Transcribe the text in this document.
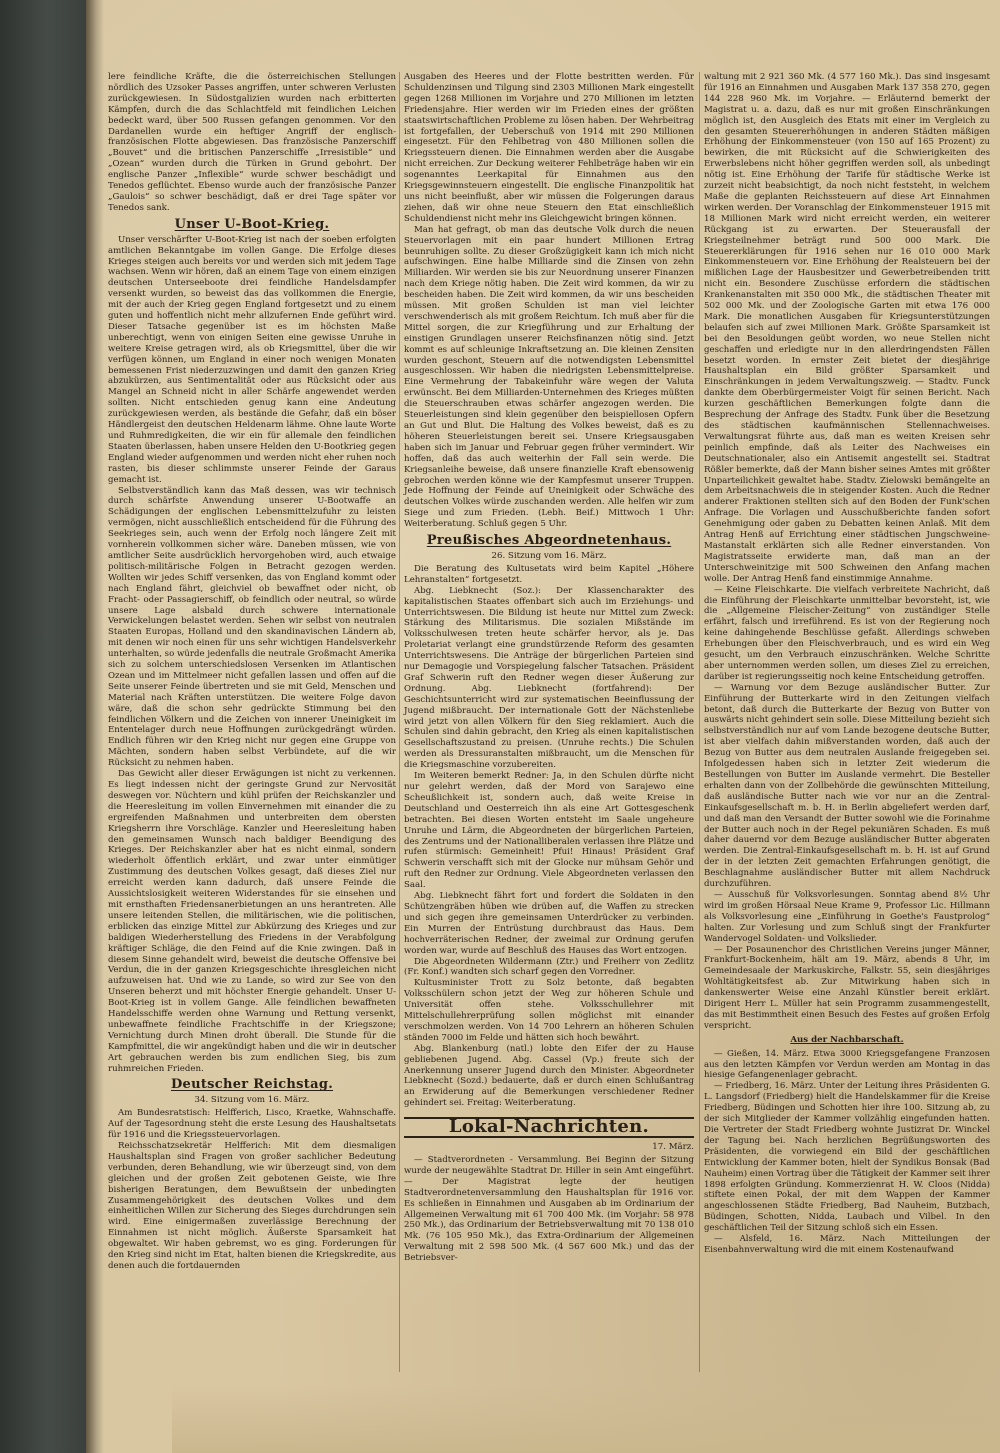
lere feindliche Kräfte, die die österreichischen Stellungen nördlich des Uzsoker Passes angriffen, unter schweren Verlusten zurückgewiesen. In Südostgalizien wurden nach erbitterten Kämpfen, durch die das Schlachtfeld mit feindlichen Leichen bedeckt ward, über 500 Russen gefangen genommen. Vor den Dardanellen wurde ein heftiger Angriff der englisch-französischen Flotte abgewiesen. Das französische Panzerschiff „Bouvet“ und die britischen Panzerschiffe „Irresistible“ und „Ozean“ wurden durch die Türken in Grund gebohrt. Der englische Panzer „Inflexible“ wurde schwer beschädigt und Tenedos geflüchtet. Ebenso wurde auch der französische Panzer „Gaulois“ so schwer beschädigt, daß er drei Tage später vor Tenedos sank.

Unser U-Boot-Krieg.

Unser verschärfter U-Boot-Krieg ist nach der soeben erfolgten amtlichen Bekanntgabe im vollen Gange. Die Erfolge dieses Krieges steigen auch bereits vor und werden sich mit jedem Tage wachsen. Wenn wir hören, daß an einem Tage von einem einzigen deutschen Unterseeboote drei feindliche Handelsdampfer versenkt wurden, so beweist das das vollkommen die Energie, mit der auch der Krieg gegen England fortgesetzt und zu einem guten und hoffentlich nicht mehr allzufernen Ende geführt wird. Dieser Tatsache gegenüber ist es im höchsten Maße unberechtigt, wenn von einigen Seiten eine gewisse Unruhe in weitere Kreise getragen wird, als ob Kriegsmittel, über die wir verfügen können, um England in einer noch wenigen Monaten bemessenen Frist niederzuzwingen und damit den ganzen Krieg abzukürzen, aus Sentimentalität oder aus Rücksicht oder aus Mangel an Schneid nicht in aller Schärfe angewendet werden sollten. Nicht entschieden genug kann eine Andeutung zurückgewiesen werden, als bestände die Gefahr, daß ein böser Händlergeist den deutschen Heldenarm lähme. Ohne laute Worte und Ruhmredigkeiten, die wir ein für allemale den feindlichen Staaten überlassen, haben unsere Helden den U-Bootkrieg gegen England wieder aufgenommen und werden nicht eher ruhen noch rasten, bis dieser schlimmste unserer Feinde der Garaus gemacht ist.

Selbstverständlich kann das Maß dessen, was wir technisch durch schärfste Anwendung unserer U-Bootwaffe an Schädigungen der englischen Lebensmittelzufuhr zu leisten vermögen, nicht ausschließlich entscheidend für die Führung des Seekrieges sein, auch wenn der Erfolg noch längere Zeit mit vornherein vollkommen sicher wäre. Daneben müssen, wie von amtlicher Seite ausdrücklich hervorgehoben wird, auch etwaige politisch-militärische Folgen in Betracht gezogen werden. Wollten wir jedes Schiff versenken, das von England kommt oder nach England fährt, gleichviel ob bewaffnet oder nicht, ob Fracht- oder Passagierschiff, ob feindlich oder neutral, so würde unsere Lage alsbald durch schwere internationale Verwickelungen belastet werden. Sehen wir selbst von neutralen Staaten Europas, Holland und den skandinavischen Ländern ab, mit denen wir noch einen für uns sehr wichtigen Handelsverkehr unterhalten, so würde jedenfalls die neutrale Großmacht Amerika sich zu solchem unterschiedslosen Versenken im Atlantischen Ozean und im Mittelmeer nicht gefallen lassen und offen auf die Seite unserer Feinde übertreten und sie mit Geld, Menschen und Material nach Kräften unterstützen. Die weitere Folge davon wäre, daß die schon sehr gedrückte Stimmung bei den feindlichen Völkern und die Zeichen von innerer Uneinigkeit im Ententelager durch neue Hoffnungen zurückgedrängt würden. Endlich führen wir den Krieg nicht nur gegen eine Gruppe von Mächten, sondern haben selbst Verbündete, auf die wir Rücksicht zu nehmen haben.

Das Gewicht aller dieser Erwägungen ist nicht zu verkennen. Es liegt indessen nicht der geringste Grund zur Nervosität deswegen vor. Nüchtern und kühl prüfen der Reichskanzler und die Heeresleitung im vollen Einvernehmen mit einander die zu ergreifenden Maßnahmen und unterbreiten dem obersten Kriegsherrn ihre Vorschläge. Kanzler und Heeresleitung haben den gemeinsamen Wunsch nach baldiger Beendigung des Krieges. Der Reichskanzler aber hat es nicht einmal, sondern wiederholt öffentlich erklärt, und zwar unter einmütiger Zustimmung des deutschen Volkes gesagt, daß dieses Ziel nur erreicht werden kann dadurch, daß unsere Feinde die Aussichtslosigkeit weiteren Widerstandes für sie einsehen und mit ernsthaften Friedensanerbietungen an uns herantreten. Alle unsere leitenden Stellen, die militärischen, wie die politischen, erblicken das einzige Mittel zur Abkürzung des Krieges und zur baldigen Wiederherstellung des Friedens in der Verabfolgung kräftiger Schläge, die den Feind auf die Knie zwingen. Daß in diesem Sinne gehandelt wird, beweist die deutsche Offensive bei Verdun, die in der ganzen Kriegsgeschichte ihresgleichen nicht aufzuweisen hat. Und wie zu Lande, so wird zur See von den Unseren beherzt und mit höchster Energie gehandelt. Unser U-Boot-Krieg ist in vollem Gange. Alle feindlichen bewaffneten Handelsschiffe werden ohne Warnung und Rettung versenkt, unbewaffnete feindliche Frachtschiffe in der Kriegszone; Vernichtung durch Minen droht überall. Die Stunde für die Kampfmittel, die wir angekündigt haben und die wir in deutscher Art gebrauchen werden bis zum endlichen Sieg, bis zum ruhmreichen Frieden.

Deutscher Reichstag.
34. Sitzung vom 16. März.

Am Bundesratstisch: Helfferich, Lisco, Kraetke, Wahnschaffe. Auf der Tagesordnung steht die erste Lesung des Haushaltsetats für 1916 und die Kriegssteuervorlagen.

Reichsschatzsekretär Helfferich: Mit dem diesmaligen Haushaltsplan sind Fragen von großer sachlicher Bedeutung verbunden, deren Behandlung, wie wir überzeugt sind, von dem gleichen und der großen Zeit gebotenen Geiste, wie Ihre bisherigen Beratungen, dem Bewußtsein der unbedingten Zusammengehörigkeit des deutschen Volkes und dem einheitlichen Willen zur Sicherung des Sieges durchdrungen sein wird. Eine einigermaßen zuverlässige Berechnung der Einnahmen ist nicht möglich. Äußerste Sparsamkeit hat obgewaltet. Wir haben gebremst, wo es ging. Forderungen für den Krieg sind nicht im Etat, halten bienen die Kriegskredite, aus denen auch die fortdauernden

Ausgaben des Heeres und der Flotte bestritten werden. Für Schuldenzinsen und Tilgung sind 2303 Millionen Mark eingestellt gegen 1268 Millionen im Vorjahre und 270 Millionen im letzten Friedensjahre. Hier werden wir im Frieden eines der größten staatswirtschaftlichen Probleme zu lösen haben. Der Wehrbeitrag ist fortgefallen, der Ueberschuß von 1914 mit 290 Millionen eingesetzt. Für den Fehlbetrag von 480 Millionen sollen die Kriegssteuern dienen. Die Einnahmen werden aber die Ausgabe nicht erreichen. Zur Deckung weiterer Fehlbeträge haben wir ein sogenanntes Leerkapital für Einnahmen aus den Kriegsgewinnsteuern eingestellt. Die englische Finanzpolitik hat uns nicht beeinflußt, aber wir müssen die Folgerungen daraus ziehen, daß wir ohne neue Steuern den Etat einschließlich Schuldendienst nicht mehr ins Gleichgewicht bringen können.

Man hat gefragt, ob man das deutsche Volk durch die neuen Steuervorlagen mit ein paar hundert Millionen Ertrag beunruhigen sollte. Zu dieser Großzügigkeit kann ich mich nicht aufschwingen. Eine halbe Milliarde sind die Zinsen von zehn Milliarden. Wir werden sie bis zur Neuordnung unserer Finanzen nach dem Kriege nötig haben. Die Zeit wird kommen, da wir zu bescheiden haben. Die Zeit wird kommen, da wir uns bescheiden müssen. Mit großen Schulden ist man viel leichter verschwenderisch als mit großem Reichtum. Ich muß aber für die Mittel sorgen, die zur Kriegführung und zur Erhaltung der einstigen Grundlagen unserer Reichsfinanzen nötig sind. Jetzt kommt es auf schleunige Inkraftsetzung an. Die kleinen Zensiten wurden geschont, Steuern auf die notwendigsten Lebensmittel ausgeschlossen. Wir haben die niedrigsten Lebensmittelpreise. Eine Vermehrung der Tabakeinfuhr wäre wegen der Valuta erwünscht. Bei dem Milliarden-Unternehmen des Krieges müßten die Steuerschrauben etwas schärfer angezogen werden. Die Steuerleistungen sind klein gegenüber den beispiellosen Opfern an Gut und Blut. Die Haltung des Volkes beweist, daß es zu höheren Steuerleistungen bereit sei. Unsere Kriegsausgaben haben sich im Januar und Februar gegen früher vermindert. Wir hoffen, daß das auch weiterhin der Fall sein werde. Die Kriegsanleihe beweise, daß unsere finanzielle Kraft ebensowenig gebrochen werden könne wie der Kampfesmut unserer Truppen. Jede Hoffnung der Feinde auf Uneinigkeit oder Schwäche des deutschen Volkes würde zuschanden werden. Alle helfen wir zum Siege und zum Frieden. (Lebh. Beif.) Mittwoch 1 Uhr: Weiterberatung. Schluß gegen 5 Uhr.

Preußisches Abgeordnetenhaus.
26. Sitzung vom 16. März.

Die Beratung des Kultusetats wird beim Kapitel „Höhere Lehranstalten“ fortgesetzt.

Abg. Liebknecht (Soz.): Der Klassencharakter des kapitalistischen Staates offenbart sich auch im Erziehungs- und Unterrichtswesen. Die Bildung ist heute nur Mittel zum Zweck: Stärkung des Militarismus. Die sozialen Mißstände im Volksschulwesen treten heute schärfer hervor, als je. Das Proletariat verlangt eine grundstürzende Reform des gesamten Unterrichtswesens. Die Anträge der bürgerlichen Parteien sind nur Demagogie und Vorspiegelung falscher Tatsachen. Präsident Graf Schwerin ruft den Redner wegen dieser Äußerung zur Ordnung. Abg. Liebknecht (fortfahrend): Der Geschichtsunterricht wird zur systematischen Beeinflussung der Jugend mißbraucht. Der internationale Gott der Nächstenliebe wird jetzt von allen Völkern für den Sieg reklamiert. Auch die Schulen sind dahin gebracht, den Krieg als einen kapitalistischen Gesellschaftszustand zu preisen. (Unruhe rechts.) Die Schulen werden als Dressuranstalten mißbraucht, um die Menschen für die Kriegsmaschine vorzubereiten.

Im Weiteren bemerkt Redner: Ja, in den Schulen dürfte nicht nur gelehrt werden, daß der Mord von Sarajewo eine Scheußlichkeit ist, sondern auch, daß weite Kreise in Deutschland und Oesterreich ihn als eine Art Gottesgeschenk betrachten. Bei diesen Worten entsteht im Saale ungeheure Unruhe und Lärm, die Abgeordneten der bürgerlichen Parteien, des Zentrums und der Nationalliberalen verlassen ihre Plätze und rufen stürmisch: Gemeinheit! Pfui! Hinaus! Präsident Graf Schwerin verschafft sich mit der Glocke nur mühsam Gehör und ruft den Redner zur Ordnung. Viele Abgeordneten verlassen den Saal.

Abg. Liebknecht fährt fort und fordert die Soldaten in den Schützengräben hüben wie drüben auf, die Waffen zu strecken und sich gegen ihre gemeinsamen Unterdrücker zu verbinden. Ein Murren der Entrüstung durchbraust das Haus. Dem hochverräterischen Redner, der zweimal zur Ordnung gerufen worden war, wurde auf Beschluß des Hauses das Wort entzogen.

Die Abgeordneten Wildermann (Ztr.) und Freiherr von Zedlitz (Fr. Konf.) wandten sich scharf gegen den Vorredner.

Kultusminister Trott zu Solz betonte, daß begabten Volksschülern schon jetzt der Weg zur höheren Schule und Universität offen stehe. Volksschullehrer mit Mittelschullehrerprüfung sollen möglichst mit einander verschmolzen werden. Von 14 700 Lehrern an höheren Schulen ständen 7000 im Felde und hätten sich hoch bewährt.

Abg. Blankenburg (natl.) lobte den Eifer der zu Hause gebliebenen Jugend. Abg. Cassel (Vp.) freute sich der Anerkennung unserer Jugend durch den Minister. Abgeordneter Liebknecht (Sozd.) bedauerte, daß er durch einen Schlußantrag an Erwiderung auf die Bemerkungen verschiedener Redner gehindert sei. Freitag: Weiterberatung.

Lokal-Nachrichten.
17. März.

— Stadtverordneten - Versammlung. Bei Beginn der Sitzung wurde der neugewählte Stadtrat Dr. Hiller in sein Amt eingeführt. — Der Magistrat legte der heutigen Stadtverordnetenversammlung den Haushaltsplan für 1916 vor. Es schließen in Einnahmen und Ausgaben ab im Ordinarium der Allgemeinen Verwaltung mit 61 700 400 Mk. (im Vorjahr: 58 978 250 Mk.), das Ordinarium der Betriebsverwaltung mit 70 138 010 Mk. (76 105 950 Mk.), das Extra-Ordinarium der Allgemeinen Verwaltung mit 2 598 500 Mk. (4 567 600 Mk.) und das der Betriebsver-

waltung mit 2 921 360 Mk. (4 577 160 Mk.). Das sind insgesamt für 1916 an Einnahmen und Ausgaben Mark 137 358 270, gegen 144 228 960 Mk. im Vorjahre. — Erläuternd bemerkt der Magistrat u. a. dazu, daß es nur mit großen Einschränkungen möglich ist, den Ausgleich des Etats mit einer im Vergleich zu den gesamten Steuererhöhungen in anderen Städten mäßigen Erhöhung der Einkommensteuer (von 150 auf 165 Prozent) zu bewirken, die mit Rücksicht auf die Schwierigkeiten des Erwerbslebens nicht höher gegriffen werden soll, als unbedingt nötig ist. Eine Erhöhung der Tarife für städtische Werke ist zurzeit nicht beabsichtigt, da noch nicht feststeht, in welchem Maße die geplanten Reichssteuern auf diese Art Einnahmen wirken werden. Der Voranschlag der Einkommensteuer 1915 mit 18 Millionen Mark wird nicht erreicht werden, ein weiterer Rückgang ist zu erwarten. Der Steuerausfall der Kriegsteilnehmer beträgt rund 500 000 Mark. Die Steuererklärungen für 1916 sehen nur 16 010 000 Mark Einkommensteuern vor. Eine Erhöhung der Realsteuern bei der mißlichen Lage der Hausbesitzer und Gewerbetreibenden tritt nicht ein. Besondere Zuschüsse erfordern die städtischen Krankenanstalten mit 350 000 Mk., die städtischen Theater mit 502 000 Mk. und der Zoologische Garten mit etwa 176 000 Mark. Die monatlichen Ausgaben für Kriegsunterstützungen belaufen sich auf zwei Millionen Mark. Größte Sparsamkeit ist bei den Besoldungen geübt worden, wo neue Stellen nicht geschaffen und erledigte nur in den allerdringendsten Fällen besetzt worden. In ernster Zeit bietet der diesjährige Haushaltsplan ein Bild größter Sparsamkeit und Einschränkungen in jedem Verwaltungszweig. — Stadtv. Funck dankte dem Oberbürgermeister Voigt für seinen Bericht. Nach kurzen geschäftlichen Bemerkungen folgte dann die Besprechung der Anfrage des Stadtv. Funk über die Besetzung des städtischen kaufmännischen Stellennachweises. Verwaltungsrat führte aus, daß man es weiten Kreisen sehr peinlich empfinde, daß als Leiter des Nachweises ein Deutschnationaler, also ein Antisemit angestellt sei. Stadtrat Rößler bemerkte, daß der Mann bisher seines Amtes mit größter Unparteilichkeit gewaltet habe. Stadtv. Zielowski bemängelte an dem Arbeitsnachweis die in steigender Kosten. Auch die Redner anderer Fraktionen stellten sich auf den Boden der Funk'schen Anfrage. Die Vorlagen und Ausschußberichte fanden sofort Genehmigung oder gaben zu Debatten keinen Anlaß. Mit dem Antrag Henß auf Errichtung einer städtischen Jungschweine-Mastanstalt erklärten sich alle Redner einverstanden. Von Magistratsseite erwiderte man, daß man an der Unterschweinitzige mit 500 Schweinen den Anfang machen wolle. Der Antrag Henß fand einstimmige Annahme.

— Keine Fleischkarte. Die vielfach verbreitete Nachricht, daß die Einführung der Fleischkarte unmittelbar bevorsteht, ist, wie die „Allgemeine Fleischer-Zeitung“ von zuständiger Stelle erfährt, falsch und irreführend. Es ist von der Regierung noch keine dahingehende Beschlüsse gefaßt. Allerdings schweben Erhebungen über den Fleischverbrauch, und es wird ein Weg gesucht, um den Verbrauch einzuschränken. Welche Schritte aber unternommen werden sollen, um dieses Ziel zu erreichen, darüber ist regierungsseitig noch keine Entscheidung getroffen.

— Warnung vor dem Bezuge ausländischer Butter. Zur Einführung der Butterkarte wird in den Zeitungen vielfach betont, daß durch die Butterkarte der Bezug von Butter von auswärts nicht gehindert sein solle. Diese Mitteilung bezieht sich selbstverständlich nur auf vom Lande bezogene deutsche Butter, ist aber vielfach dahin mißverstanden worden, daß auch der Bezug von Butter aus dem neutralen Auslande freigegeben sei. Infolgedessen haben sich in letzter Zeit wiederum die Bestellungen von Butter im Auslande vermehrt. Die Besteller erhalten dann von der Zollbehörde die gewünschten Mitteilung, daß ausländische Butter nach wie vor nur an die Zentral-Einkaufsgesellschaft m. b. H. in Berlin abgeliefert werden darf, und daß man den Versandt der Butter sowohl wie die Forinahme der Butter auch noch in der Regel pekuniären Schaden. Es muß daher dauernd vor dem Bezuge ausländischer Butter abgeraten werden. Die Zentral-Einkaufsgesellschaft m. b. H. ist auf Grund der in der letzten Zeit gemachten Erfahrungen genötigt, die Beschlagnahme ausländischer Butter mit allem Nachdruck durchzuführen.

— Ausschuß für Volksvorlesungen. Sonntag abend 8½ Uhr wird im großen Hörsaal Neue Krame 9, Professor Lic. Hillmann als Volksvorlesung eine „Einführung in Goethe's Faustprolog“ halten. Zur Vorlesung und zum Schluß singt der Frankfurter Wandervogel Soldaten- und Volkslieder.

— Der Posaunenchor des Christlichen Vereins junger Männer, Frankfurt-Bockenheim, hält am 19. März, abends 8 Uhr, im Gemeindesaale der Markuskirche, Falkstr. 55, sein diesjähriges Wohltätigkeitsfest ab. Zur Mitwirkung haben sich in dankenswerter Weise eine Anzahl Künstler bereit erklärt. Dirigent Herr L. Müller hat sein Programm zusammengestellt, das mit Bestimmtheit einen Besuch des Festes auf großen Erfolg verspricht.

Aus der Nachbarschaft.

— Gießen, 14. März. Etwa 3000 Kriegsgefangene Franzosen aus den letzten Kämpfen vor Verdun werden am Montag in das hiesige Gefangenenlager gebracht.

— Friedberg, 16. März. Unter der Leitung ihres Präsidenten G. L. Langsdorf (Friedberg) hielt die Handelskammer für die Kreise Friedberg, Büdingen und Schotten hier ihre 100. Sitzung ab, zu der sich Mitglieder der Kammer vollzählig eingefunden hatten. Die Vertreter der Stadt Friedberg wohnte Justizrat Dr. Winckel der Tagung bei. Nach herzlichen Begrüßungsworten des Präsidenten, die vorwiegend ein Bild der geschäftlichen Entwicklung der Kammer boten, hielt der Syndikus Bonsak (Bad Nauheim) einen Vortrag über die Tätigkeit der Kammer seit ihrer 1898 erfolgten Gründung. Kommerzienrat H. W. Cloos (Nidda) stiftete einen Pokal, der mit dem Wappen der Kammer angeschlossenen Städte Friedberg, Bad Nauheim, Butzbach, Büdingen, Schotten, Nidda, Laubach und Vilbel. In den geschäftlichen Teil der Sitzung schloß sich ein Essen.

— Alsfeld, 16. März. Nach Mitteilungen der Eisenbahnverwaltung wird die mit einem Kostenaufwand
